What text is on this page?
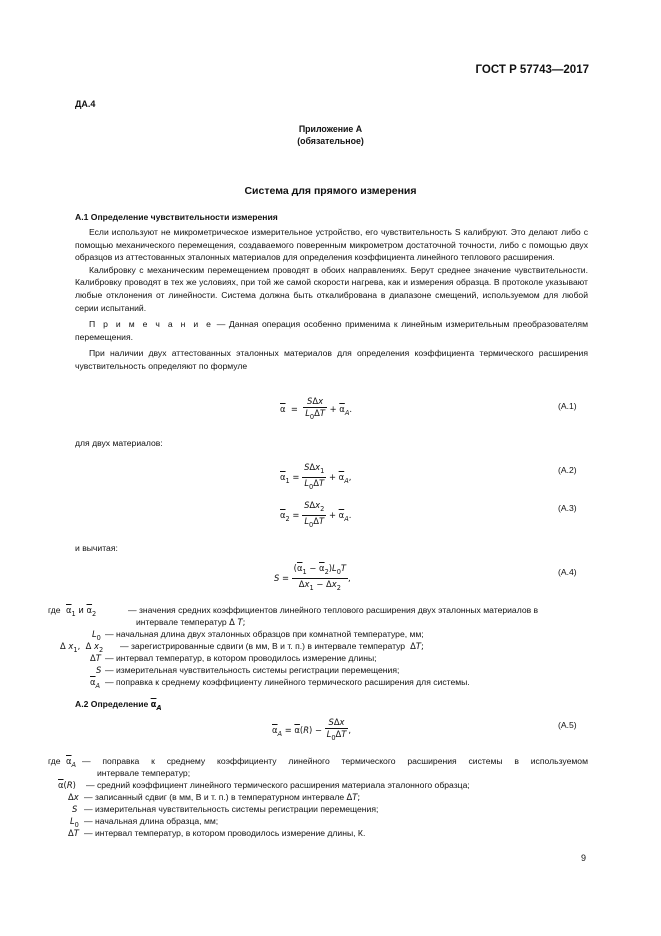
ГОСТ Р 57743—2017
ДА.4
Приложение А
(обязательное)
Система для прямого измерения
А.1 Определение чувствительности измерения

Если используют не микрометрическое измерительное устройство, его чувствительность S калибруют. Это делают либо с помощью механического перемещения, создаваемого поверенным микрометром достаточной точности, либо с помощью двух образцов из аттестованных эталонных материалов для определения коэффициента линейного теплового расширения.

Калибровку с механическим перемещением проводят в обоих направлениях. Берут среднее значение чувствительности. Калибровку проводят в тех же условиях, при той же самой скорости нагрева, как и измерения образца. В протоколе указывают любые отклонения от линейности. Система должна быть откалибрована в диапазоне смещений, используемом для любой серии испытаний.

П р и м е ч а н и е — Данная операция особенно применима к линейным измерительным преобразователям перемещения.

При наличии двух аттестованных эталонных материалов для определения коэффициента термического расширения чувствительность определяют по формуле

$\overline{\alpha} = \frac{\text{SΔx}}{L_0\Delta T} + \overline{\alpha}_A$.	(А.1)
для двух материалов:
$\overline{\alpha}_1 = \frac{S\Delta x_1}{L_0\Delta T} + \overline{\alpha}_A$,
(А.2)
$\overline{\alpha}_2 = \frac{S\Delta x_2}{L_0\Delta T} + \overline{\alpha}_A$.
(А.3)
и вычитая:
$S = \frac{(\overline{\alpha}_1 - \overline{\alpha}_2)L_0T}{\Delta x_1 - \Delta x_2}$ ,
(А.4)
где $\overline{\alpha}_1$ и $\overline{\alpha}_2$	— значения средних коэффициентов линейного теплового расширения двух эталонных материалов в
интервале температур Δ T;
$L_0$ — начальная длина двух эталонных образцов при комнатной температуре, мм;
Δ $x_1$,  Δ $x_2$ — зарегистрированные сдвиги (в мм, В и т. п.) в интервале температур  ΔT;
ΔT — интервал температур, в котором проводилось измерение длины;
S — измерительная чувствительность системы регистрации перемещения;
$\overline{\alpha}_A$ — поправка к среднему коэффициенту линейного термического расширения для системы.
А.2 Определение $\overline{\alpha}_A$
$\overline{\alpha}_A = \overline{\alpha}(R) - \frac{\text{SΔx}}{L_0\Delta T}$ ,	(А.5)
где $\overline{\alpha}_A$ — поправка к среднему коэффициенту линейного термического расширения системы в используемом
интервале температур;
$\overline{\alpha}(R)$ — средний коэффициент линейного термического расширения материала эталонного образца;
Δx — записанный сдвиг (в мм, В и т. п.) в температурном интервале ΔT;
S — измерительная чувствительность системы регистрации перемещения;
$L_0$ — начальная длина образца, мм;
ΔT — интервал температур, в котором проводилось измерение длины, К.
9
